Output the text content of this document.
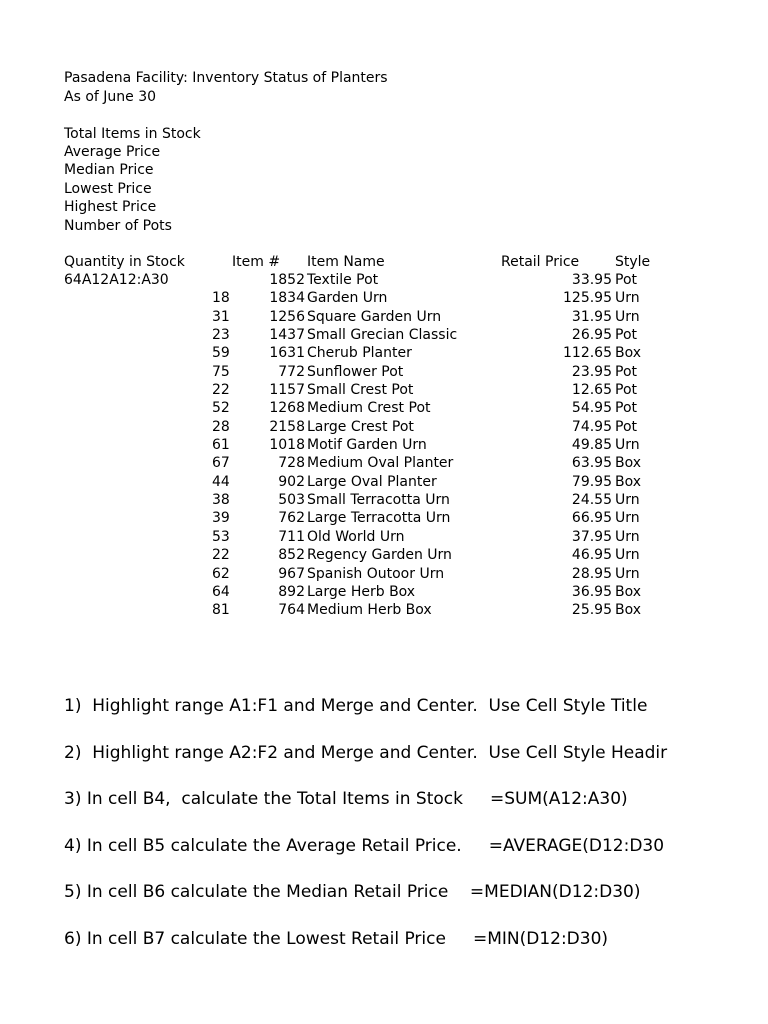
Pasadena Facility: Inventory Status of Planters
As of June 30
Total Items in Stock
Average Price
Median Price
Lowest Price
Highest Price
Number of Pots
Quantity in Stock	Item # Item Name	Retail Price	Style
64A12A12:A30	1852 Textile Pot	33.95 Pot
18	1834 Garden Urn	125.95 Urn
31	1256 Square Garden Urn	31.95 Urn
23	1437 Small Grecian Classic	26.95 Pot
59	1631 Cherub Planter	112.65 Box
75	772 Sunflower Pot	23.95 Pot
22	1157 Small Crest Pot	12.65 Pot
52	1268 Medium Crest Pot	54.95 Pot
28	2158 Large Crest Pot	74.95 Pot
61	1018 Motif Garden Urn	49.85 Urn
67	728 Medium Oval Planter	63.95 Box
44	902 Large Oval Planter	79.95 Box
38	503 Small Terracotta Urn	24.55 Urn
39	762 Large Terracotta Urn	66.95 Urn
53	711 Old World Urn	37.95 Urn
22	852 Regency Garden Urn	46.95 Urn
62	967 Spanish Outoor Urn	28.95 Urn
64	892 Large Herb Box	36.95 Box
81	764 Medium Herb Box	25.95 Box
1)  Highlight range A1:F1 and Merge and Center.  Use Cell Style Title
2)  Highlight range A2:F2 and Merge and Center.  Use Cell Style Headir
3) In cell B4,  calculate the Total Items in Stock     =SUM(A12:A30)
4) In cell B5 calculate the Average Retail Price.     =AVERAGE(D12:D30
5) In cell B6 calculate the Median Retail Price    =MEDIAN(D12:D30)
6) In cell B7 calculate the Lowest Retail Price     =MIN(D12:D30)
